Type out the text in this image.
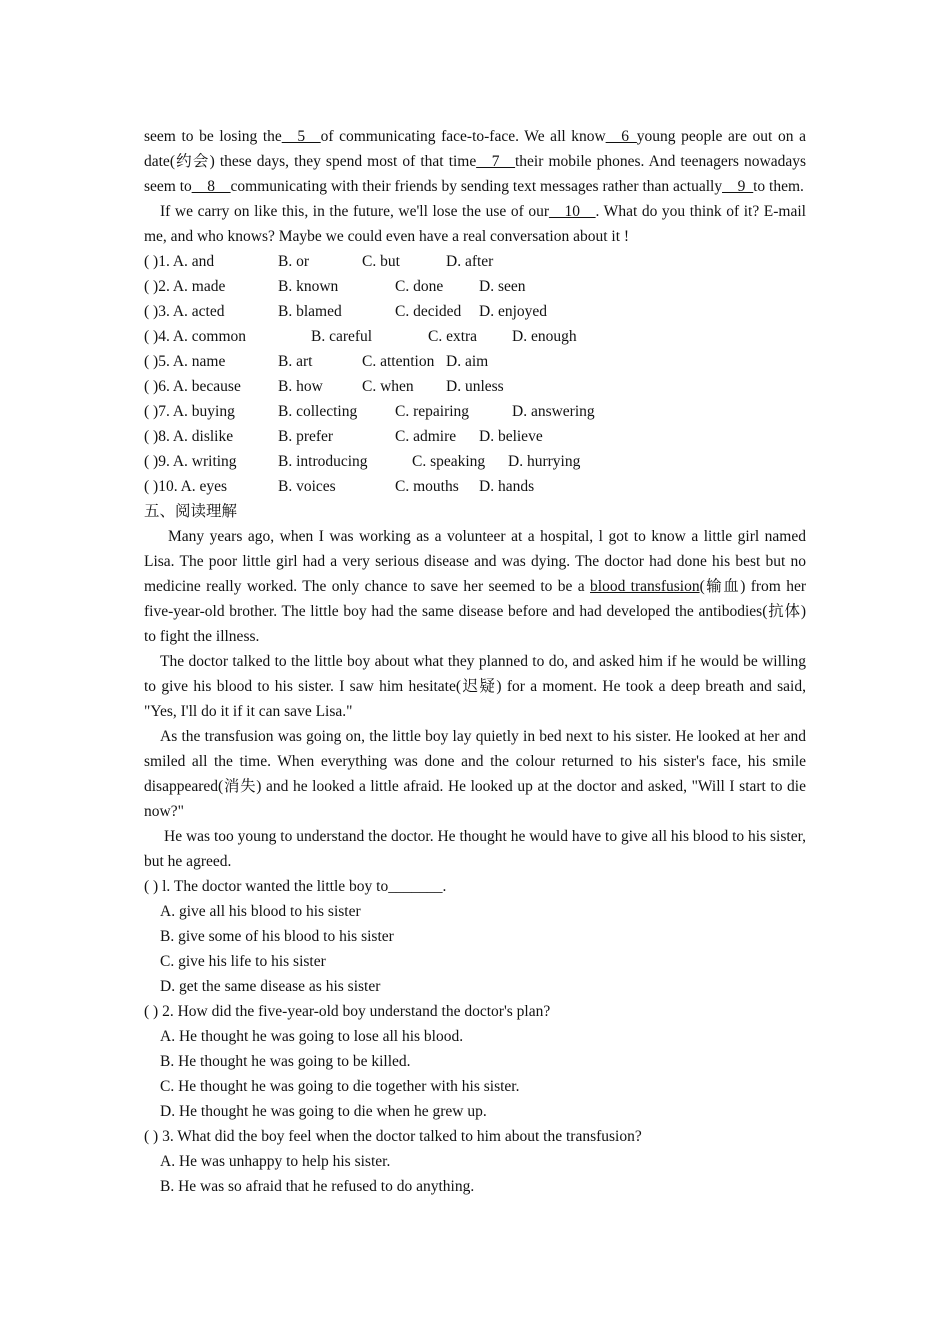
seem to be losing the__5__of communicating face-to-face. We all know__6_young people are out on a date(约会) these days, they spend most of that time__7__their mobile phones. And teenagers nowadays seem to__8__communicating with their friends by sending text messages rather than actually__9_to them.
If we carry on like this, in the future, we'll lose the use of our__10__. What do you think of it? E-mail me, and who knows? Maybe we could even have a real conversation about it !
( )1. A. and	B. or	C. but	D. after
( )2. A. made	B. known	C. done	D. seen
( )3. A. acted	B. blamed	C. decided	D. enjoyed
( )4. A. common	B. careful	C. extra	D. enough
( )5. A. name	B. art	C. attention D. aim
( )6. A. because	B. how	C. when	D. unless
( )7. A. buying	B. collecting	C. repairing	D. answering
( )8. A. dislike	B. prefer	C. admire	D. believe
( )9. A. writing	B. introducing	C. speaking	D. hurrying
( )10. A. eyes	B. voices	C. mouths	D. hands
五、阅读理解
Many years ago, when I was working as a volunteer at a hospital, l got to know a little girl named Lisa. The poor little girl had a very serious disease and was dying. The doctor had done his best but no medicine really worked. The only chance to save her seemed to be a blood transfusion(输血) from her five-year-old brother. The little boy had the same disease before and had developed the antibodies(抗体) to fight the illness.
The doctor talked to the little boy about what they planned to do, and asked him if he would be willing to give his blood to his sister. I saw him hesitate(迟疑) for a moment. He took a deep breath and said, "Yes, I'll do it if it can save Lisa."
As the transfusion was going on, the little boy lay quietly in bed next to his sister. He looked at her and smiled all the time. When everything was done and the colour returned to his sister's face, his smile disappeared(消失) and he looked a little afraid. He looked up at the doctor and asked, "Will I start to die now?"
He was too young to understand the doctor. He thought he would have to give all his blood to his sister, but he agreed.
( ) l. The doctor wanted the little boy to_______.
A. give all his blood to his sister
B. give some of his blood to his sister
C. give his life to his sister
D. get the same disease as his sister
( ) 2. How did the five-year-old boy understand the doctor's plan?
A. He thought he was going to lose all his blood.
B. He thought he was going to be killed.
C. He thought he was going to die together with his sister.
D. He thought he was going to die when he grew up.
( ) 3. What did the boy feel when the doctor talked to him about the transfusion?
A. He was unhappy to help his sister.
B. He was so afraid that he refused to do anything.
